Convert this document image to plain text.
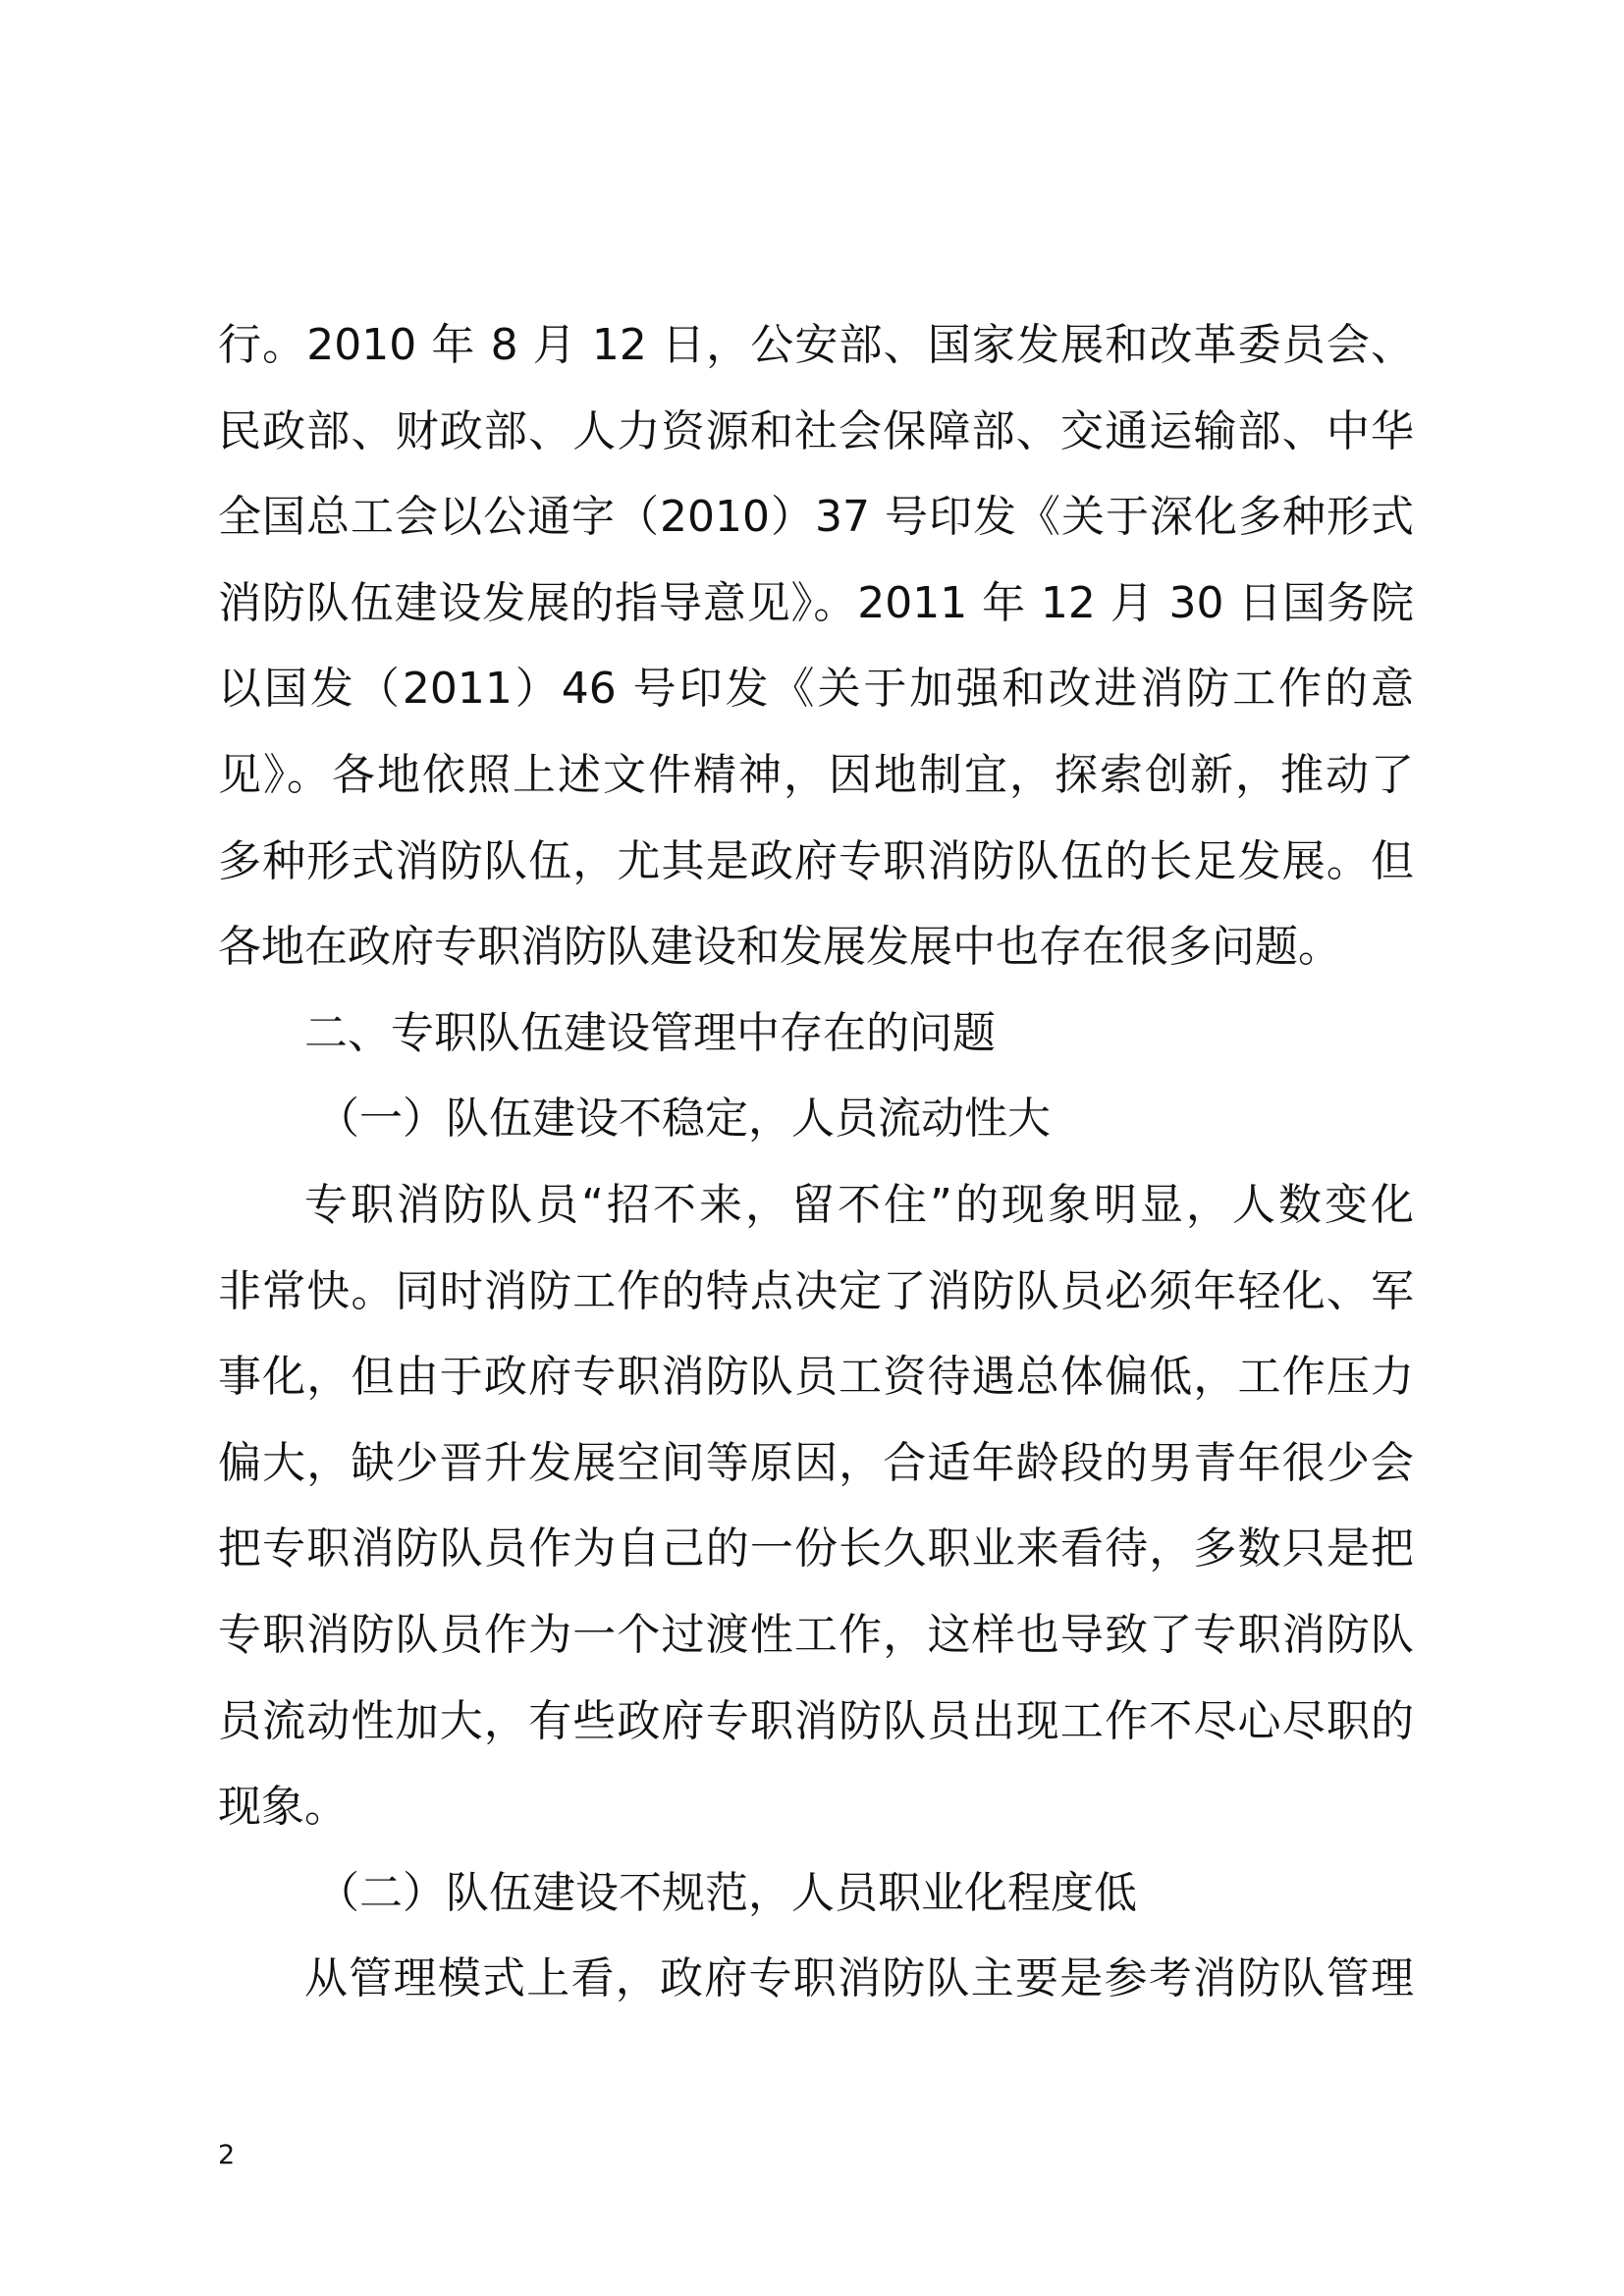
行。2010 年 8 月 12 日，公安部、国家发展和改革委员会、
民政部、财政部、人力资源和社会保障部、交通运输部、中华
全国总工会以公通字（2010）37 号印发《关于深化多种形式
消防队伍建设发展的指导意见》。2011 年 12 月 30 日国务院
以国发（2011）46 号印发《关于加强和改进消防工作的意
见》。各地依照上述文件精神，因地制宜，探索创新，推动了
多种形式消防队伍，尤其是政府专职消防队伍的长足发展。但
各地在政府专职消防队建设和发展发展中也存在很多问题。
二、专职队伍建设管理中存在的问题
（一）队伍建设不稳定，人员流动性大
专职消防队员“招不来，留不住”的现象明显，人数变化
非常快。同时消防工作的特点决定了消防队员必须年轻化、军
事化，但由于政府专职消防队员工资待遇总体偏低，工作压力
偏大，缺少晋升发展空间等原因，合适年龄段的男青年很少会
把专职消防队员作为自己的一份长久职业来看待，多数只是把
专职消防队员作为一个过渡性工作，这样也导致了专职消防队
员流动性加大，有些政府专职消防队员出现工作不尽心尽职的
现象。
（二）队伍建设不规范，人员职业化程度低
从管理模式上看，政府专职消防队主要是参考消防队管理
2
